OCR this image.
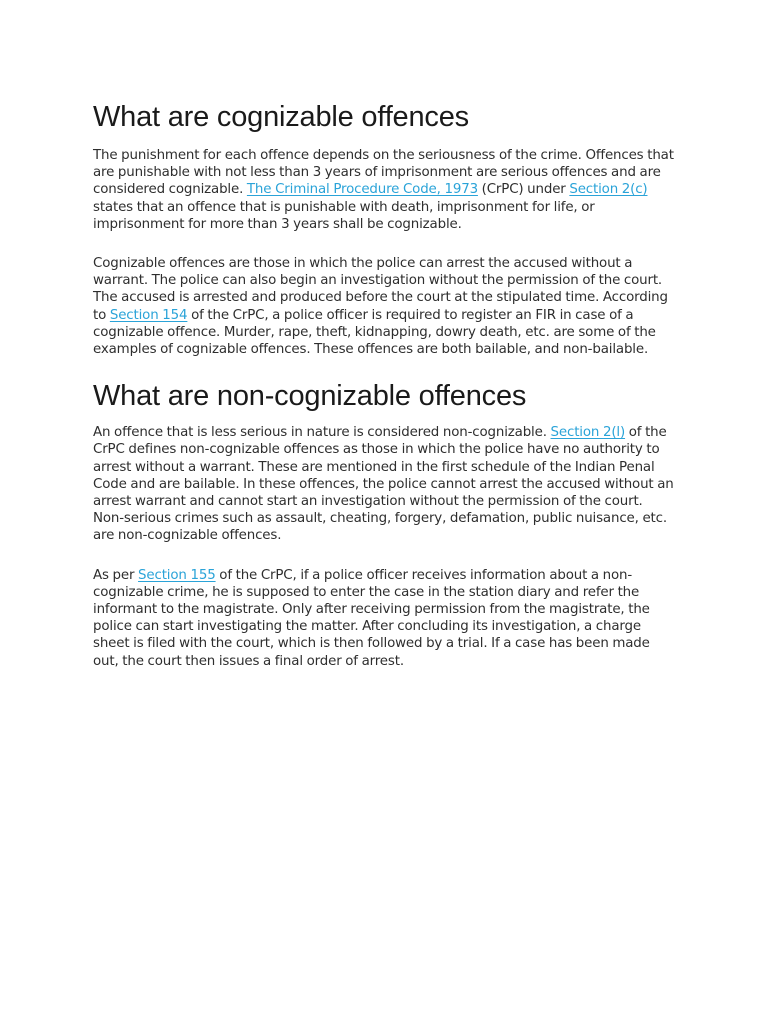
What are cognizable offences

The punishment for each offence depends on the seriousness of the crime. Offences that are punishable with not less than 3 years of imprisonment are serious offences and are considered cognizable. The Criminal Procedure Code, 1973 (CrPC) under Section 2(c) states that an offence that is punishable with death, imprisonment for life, or imprisonment for more than 3 years shall be cognizable.

Cognizable offences are those in which the police can arrest the accused without a warrant. The police can also begin an investigation without the permission of the court. The accused is arrested and produced before the court at the stipulated time. According to Section 154 of the CrPC, a police officer is required to register an FIR in case of a cognizable offence. Murder, rape, theft, kidnapping, dowry death, etc. are some of the examples of cognizable offences. These offences are both bailable, and non-bailable.

What are non-cognizable offences

An offence that is less serious in nature is considered non-cognizable. Section 2(l) of the CrPC defines non-cognizable offences as those in which the police have no authority to arrest without a warrant. These are mentioned in the first schedule of the Indian Penal Code and are bailable. In these offences, the police cannot arrest the accused without an arrest warrant and cannot start an investigation without the permission of the court. Non-serious crimes such as assault, cheating, forgery, defamation, public nuisance, etc. are non-cognizable offences.

As per Section 155 of the CrPC, if a police officer receives information about a non-cognizable crime, he is supposed to enter the case in the station diary and refer the informant to the magistrate. Only after receiving permission from the magistrate, the police can start investigating the matter. After concluding its investigation, a charge sheet is filed with the court, which is then followed by a trial. If a case has been made out, the court then issues a final order of arrest.
